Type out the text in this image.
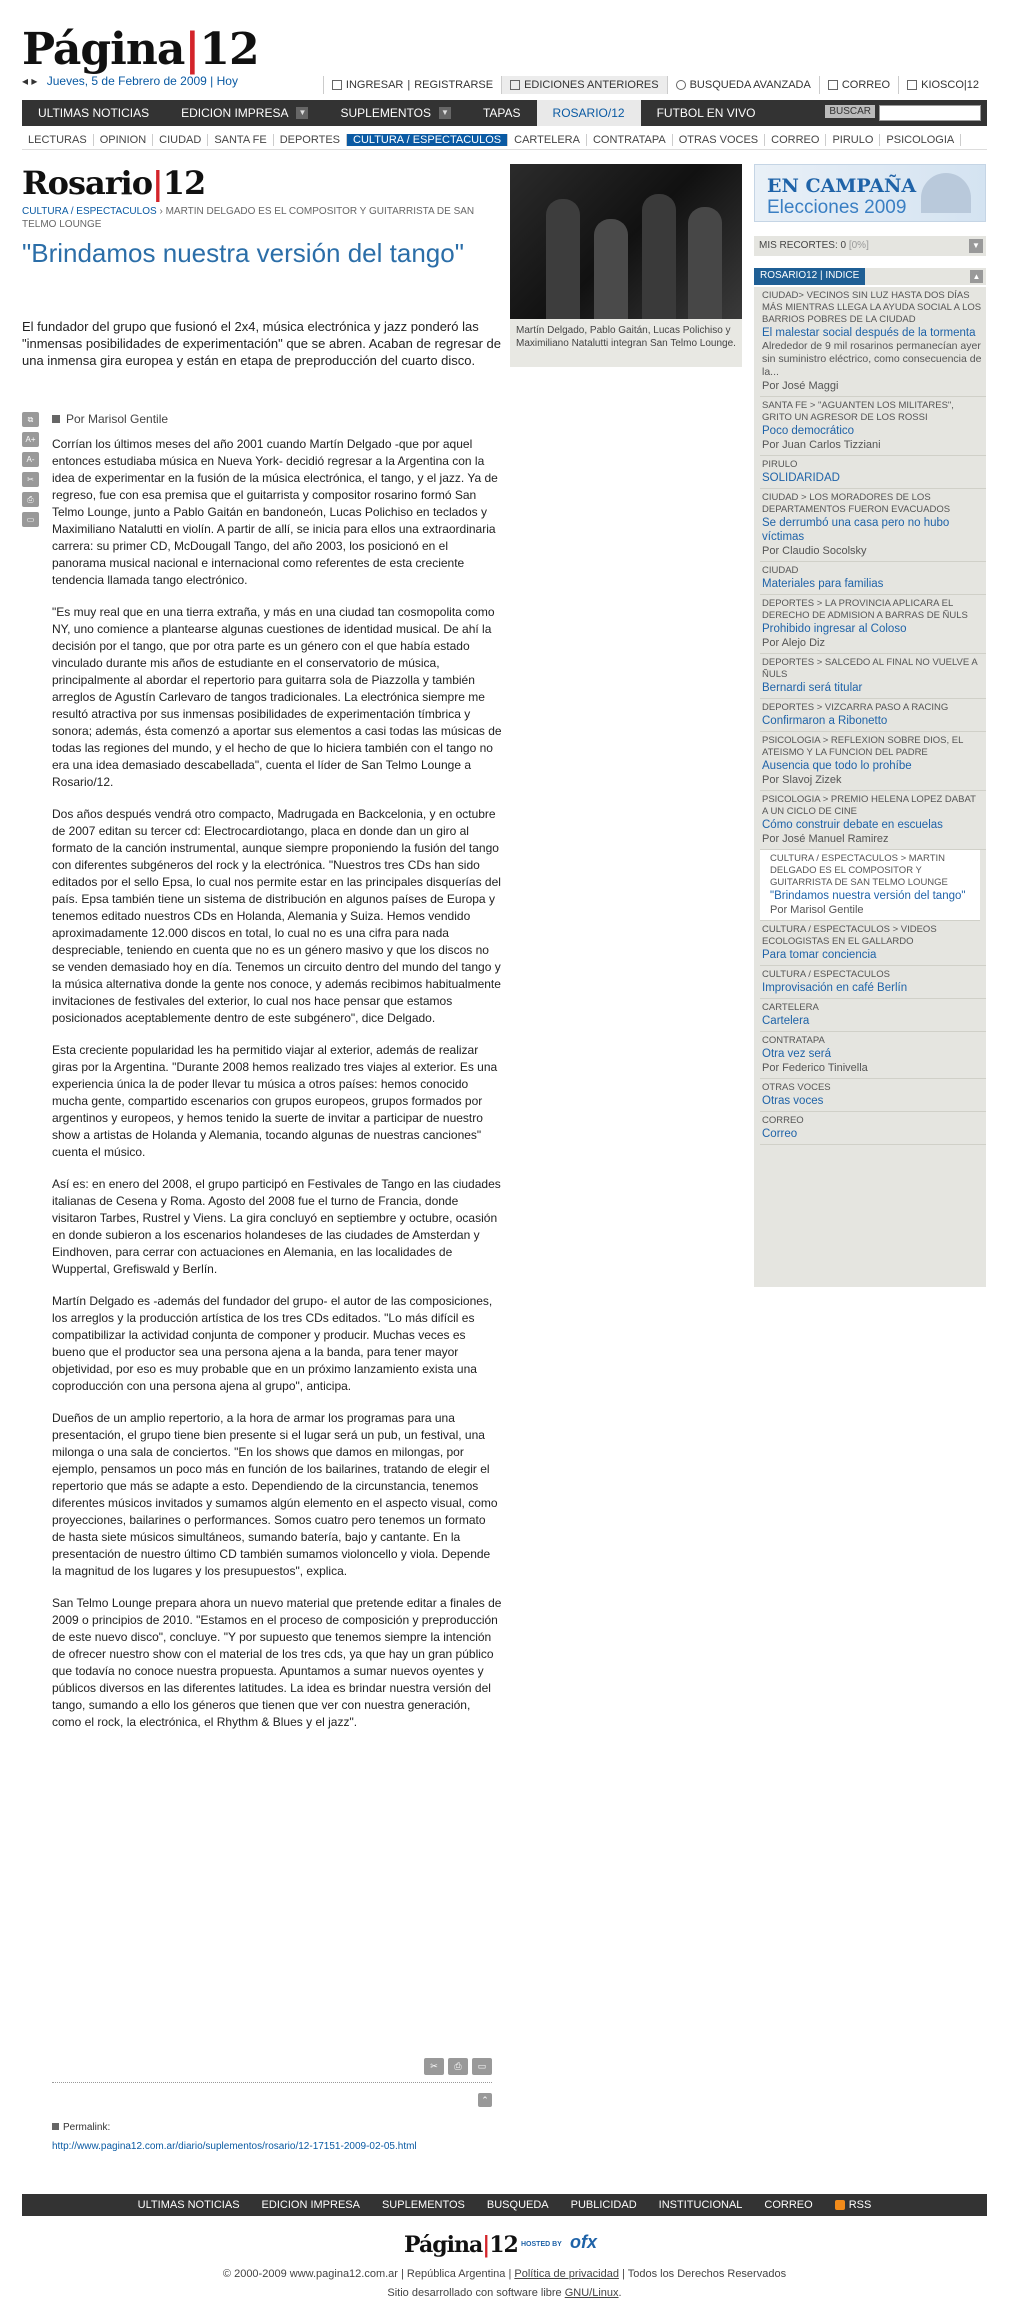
Página|12
◂ ▸ Jueves, 5 de Febrero de 2009 | Hoy	INGRESAR | REGISTRARSE	EDICIONES ANTERIORES	BUSQUEDA AVANZADA	CORREO	KIOSCO|12
ULTIMAS NOTICIAS	EDICION IMPRESA ▼	SUPLEMENTOS ▼	TAPAS	ROSARIO/12	FUTBOL EN VIVO	BUSCAR
LECTURAS	OPINION	CIUDAD	SANTA FE	DEPORTES	CULTURA / ESPECTACULOS	CARTELERA	CONTRATAPA	OTRAS VOCES	CORREO	PIRULO	PSICOLOGIA
Rosario|12
CULTURA / ESPECTACULOS › MARTIN DELGADO ES EL COMPOSITOR Y GUITARRISTA DE SAN TELMO LOUNGE
"Brindamos nuestra versión del tango"
El fundador del grupo que fusionó el 2x4, música electrónica y jazz ponderó las "inmensas posibilidades de experimentación" que se abren. Acaban de regresar de una inmensa gira europea y están en etapa de preproducción del cuarto disco.
⧉
A+
A-
✂
⎙
▭
Por Marisol Gentile

Corrían los últimos meses del año 2001 cuando Martín Delgado -que por aquel entonces estudiaba música en Nueva York- decidió regresar a la Argentina con la idea de experimentar en la fusión de la música electrónica, el tango, y el jazz. Ya de regreso, fue con esa premisa que el guitarrista y compositor rosarino formó San Telmo Lounge, junto a Pablo Gaitán en bandoneón, Lucas Polichiso en teclados y Maximiliano Natalutti en violín. A partir de allí, se inicia para ellos una extraordinaria carrera: su primer CD, McDougall Tango, del año 2003, los posicionó en el panorama musical nacional e internacional como referentes de esta creciente tendencia llamada tango electrónico.

"Es muy real que en una tierra extraña, y más en una ciudad tan cosmopolita como NY, uno comience a plantearse algunas cuestiones de identidad musical. De ahí la decisión por el tango, que por otra parte es un género con el que había estado vinculado durante mis años de estudiante en el conservatorio de música, principalmente al abordar el repertorio para guitarra sola de Piazzolla y también arreglos de Agustín Carlevaro de tangos tradicionales. La electrónica siempre me resultó atractiva por sus inmensas posibilidades de experimentación tímbrica y sonora; además, ésta comenzó a aportar sus elementos a casi todas las músicas de todas las regiones del mundo, y el hecho de que lo hiciera también con el tango no era una idea demasiado descabellada", cuenta el líder de San Telmo Lounge a Rosario/12.

Dos años después vendrá otro compacto, Madrugada en Backcelonia, y en octubre de 2007 editan su tercer cd: Electrocardiotango, placa en donde dan un giro al formato de la canción instrumental, aunque siempre proponiendo la fusión del tango con diferentes subgéneros del rock y la electrónica. "Nuestros tres CDs han sido editados por el sello Epsa, lo cual nos permite estar en las principales disquerías del país. Epsa también tiene un sistema de distribución en algunos países de Europa y tenemos editado nuestros CDs en Holanda, Alemania y Suiza. Hemos vendido aproximadamente 12.000 discos en total, lo cual no es una cifra para nada despreciable, teniendo en cuenta que no es un género masivo y que los discos no se venden demasiado hoy en día. Tenemos un circuito dentro del mundo del tango y la música alternativa donde la gente nos conoce, y además recibimos habitualmente invitaciones de festivales del exterior, lo cual nos hace pensar que estamos posicionados aceptablemente dentro de este subgénero", dice Delgado.

Esta creciente popularidad les ha permitido viajar al exterior, además de realizar giras por la Argentina. "Durante 2008 hemos realizado tres viajes al exterior. Es una experiencia única la de poder llevar tu música a otros países: hemos conocido mucha gente, compartido escenarios con grupos europeos, grupos formados por argentinos y europeos, y hemos tenido la suerte de invitar a participar de nuestro show a artistas de Holanda y Alemania, tocando algunas de nuestras canciones" cuenta el músico.

Así es: en enero del 2008, el grupo participó en Festivales de Tango en las ciudades italianas de Cesena y Roma. Agosto del 2008 fue el turno de Francia, donde visitaron Tarbes, Rustrel y Viens. La gira concluyó en septiembre y octubre, ocasión en donde subieron a los escenarios holandeses de las ciudades de Amsterdan y Eindhoven, para cerrar con actuaciones en Alemania, en las localidades de Wuppertal, Grefiswald y Berlín.

Martín Delgado es -además del fundador del grupo- el autor de las composiciones, los arreglos y la producción artística de los tres CDs editados. "Lo más difícil es compatibilizar la actividad conjunta de componer y producir. Muchas veces es bueno que el productor sea una persona ajena a la banda, para tener mayor objetividad, por eso es muy probable que en un próximo lanzamiento exista una coproducción con una persona ajena al grupo", anticipa.

Dueños de un amplio repertorio, a la hora de armar los programas para una presentación, el grupo tiene bien presente si el lugar será un pub, un festival, una milonga o una sala de conciertos. "En los shows que damos en milongas, por ejemplo, pensamos un poco más en función de los bailarines, tratando de elegir el repertorio que más se adapte a esto. Dependiendo de la circunstancia, tenemos diferentes músicos invitados y sumamos algún elemento en el aspecto visual, como proyecciones, bailarines o performances. Somos cuatro pero tenemos un formato de hasta siete músicos simultáneos, sumando batería, bajo y cantante. En la presentación de nuestro último CD también sumamos violoncello y viola. Depende la magnitud de los lugares y los presupuestos", explica.

San Telmo Lounge prepara ahora un nuevo material que pretende editar a finales de 2009 o principios de 2010. "Estamos en el proceso de composición y preproducción de este nuevo disco", concluye. "Y por supuesto que tenemos siempre la intención de ofrecer nuestro show con el material de los tres cds, ya que hay un gran público que todavía no conoce nuestra propuesta. Apuntamos a sumar nuevos oyentes y públicos diversos en las diferentes latitudes. La idea es brindar nuestra versión del tango, sumando a ello los géneros que tienen que ver con nuestra generación, como el rock, la electrónica, el Rhythm & Blues y el jazz".

✂	⎙	▭
⌃
Permalink:
http://www.pagina12.com.ar/diario/suplementos/rosario/12-17151-2009-02-05.html
Martín Delgado, Pablo Gaitán, Lucas Polichiso y Maximiliano Natalutti integran San Telmo Lounge.
EN CAMPAÑA
Elecciones 2009
MIS RECORTES: 0 [0%]	▼
ROSARIO12 | INDICE	▲
CIUDAD> VECINOS SIN LUZ HASTA DOS DÍAS MÁS MIENTRAS LLEGA LA AYUDA SOCIAL A LOS BARRIOS POBRES DE LA CIUDAD
El malestar social después de la tormenta
Alrededor de 9 mil rosarinos permanecían ayer sin suministro eléctrico, como consecuencia de la...
Por José Maggi
SANTA FE > "AGUANTEN LOS MILITARES", GRITO UN AGRESOR DE LOS ROSSI
Poco democrático
Por Juan Carlos Tizziani
PIRULO
SOLIDARIDAD
CIUDAD > LOS MORADORES DE LOS DEPARTAMENTOS FUERON EVACUADOS
Se derrumbó una casa pero no hubo víctimas
Por Claudio Socolsky
CIUDAD
Materiales para familias
DEPORTES > LA PROVINCIA APLICARA EL DERECHO DE ADMISION A BARRAS DE ÑULS
Prohibido ingresar al Coloso
Por Alejo Diz
DEPORTES > SALCEDO AL FINAL NO VUELVE A ÑULS
Bernardi será titular
DEPORTES > VIZCARRA PASO A RACING
Confirmaron a Ribonetto
PSICOLOGIA > REFLEXION SOBRE DIOS, EL ATEISMO Y LA FUNCION DEL PADRE
Ausencia que todo lo prohíbe
Por Slavoj Zizek
PSICOLOGIA > PREMIO HELENA LOPEZ DABAT A UN CICLO DE CINE
Cómo construir debate en escuelas
Por José Manuel Ramirez
CULTURA / ESPECTACULOS > MARTIN DELGADO ES EL COMPOSITOR Y GUITARRISTA DE SAN TELMO LOUNGE
"Brindamos nuestra versión del tango"
Por Marisol Gentile
CULTURA / ESPECTACULOS > VIDEOS ECOLOGISTAS EN EL GALLARDO
Para tomar conciencia
CULTURA / ESPECTACULOS
Improvisación en café Berlín
CARTELERA
Cartelera
CONTRATAPA
Otra vez será
Por Federico Tinivella
OTRAS VOCES
Otras voces
CORREO
Correo
ULTIMAS NOTICIAS EDICION IMPRESA SUPLEMENTOS BUSQUEDA PUBLICIDAD INSTITUCIONAL CORREO	RSS
Página|12 HOSTED BY ofx
© 2000-2009 www.pagina12.com.ar | República Argentina | Política de privacidad | Todos los Derechos Reservados
Sitio desarrollado con software libre GNU/Linux.
